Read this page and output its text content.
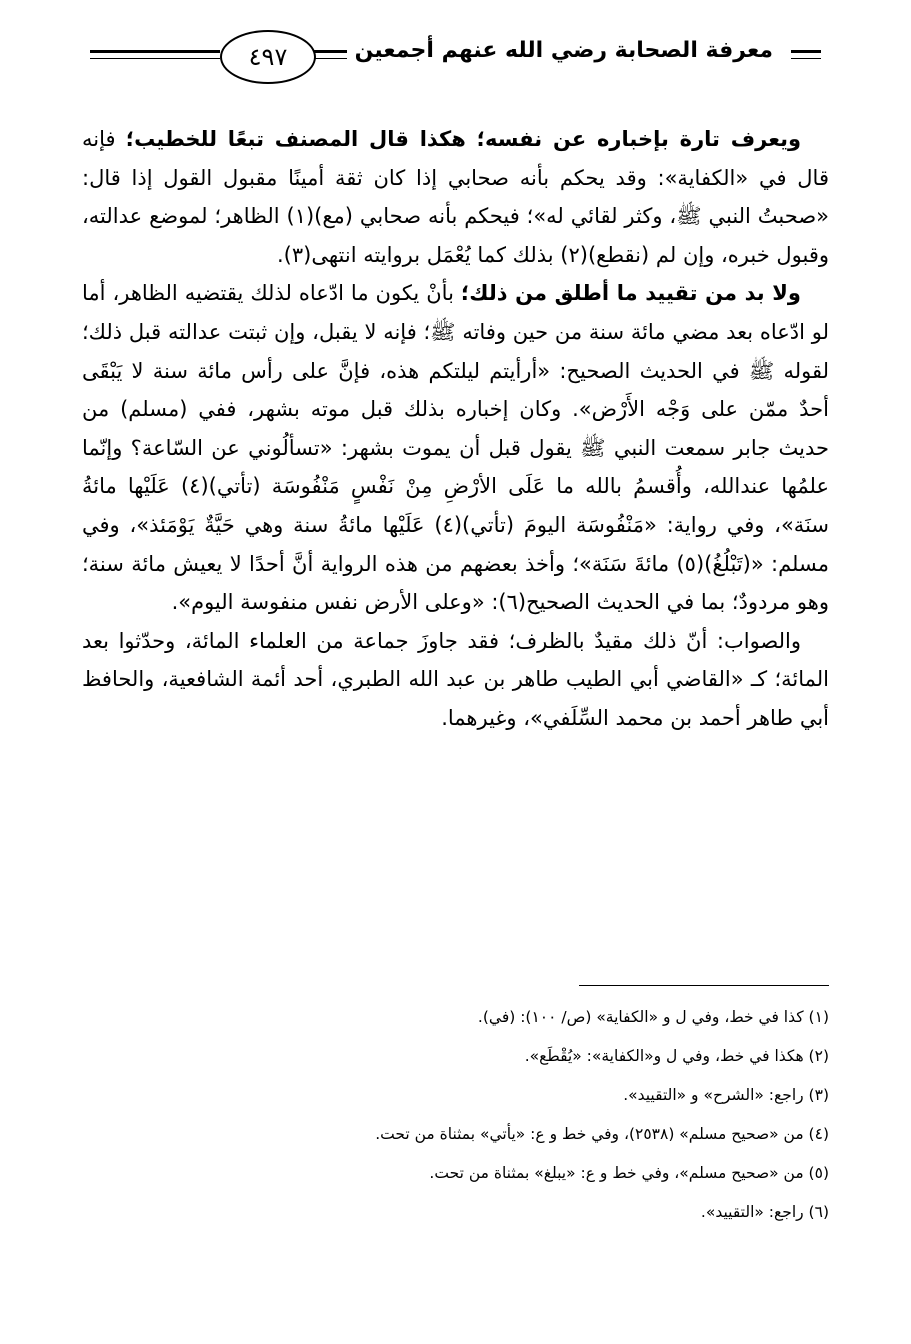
٤٩٧	معرفة الصحابة رضي الله عنهم أجمعين

ويعرف تارة بإخباره عن نفسه؛ هكذا قال المصنف تبعًا للخطيب؛ فإنه قال في «الكفاية»: وقد يحكم بأنه صحابي إذا كان ثقة أمينًا مقبول القول إذا قال: «صحبتُ النبي ﷺ، وكثر لقائي له»؛ فيحكم بأنه صحابي (مع)(١) الظاهر؛ لموضع عدالته، وقبول خبره، وإن لم (نقطع)(٢) بذلك كما يُعْمَل بروايته انتهى(٣).

ولا بد من تقييد ما أطلق من ذلك؛ بأنْ يكون ما ادّعاه لذلك يقتضيه الظاهر، أما لو ادّعاه بعد مضي مائة سنة من حين وفاته ﷺ؛ فإنه لا يقبل، وإن ثبتت عدالته قبل ذلك؛ لقوله ﷺ في الحديث الصحيح: «أرأيتم ليلتكم هذه، فإنَّ على رأس مائة سنة لا يَبْقَى أحدٌ ممّن على وَجْه الأَرْض». وكان إخباره بذلك قبل موته بشهر، ففي (مسلم) من حديث جابر سمعت النبي ﷺ يقول قبل أن يموت بشهر: «تسألُوني عن السّاعة؟ وإنّما علمُها عندالله، وأُقسمُ بالله ما عَلَى الأرْضِ مِنْ نَفْسٍ مَنْفُوسَة (تأتي)(٤) عَلَيْها مائةُ سنَة»، وفي رواية: «مَنْفُوسَة اليومَ (تأتي)(٤) عَلَيْها مائةُ سنة وهي حَيَّةٌ يَوْمَئذ»، وفي مسلم: «(تَبْلُغُ)(٥) مائةَ سَنَة»؛ وأخذ بعضهم من هذه الرواية أنَّ أحدًا لا يعيش مائة سنة؛ وهو مردودٌ؛ بما في الحديث الصحيح(٦): «وعلى الأرض نفس منفوسة اليوم».

والصواب: أنّ ذلك مقيدٌ بالظرف؛ فقد جاوزَ جماعة من العلماء المائة، وحدّثوا بعد المائة؛ كـ «القاضي أبي الطيب طاهر بن عبد الله الطبري، أحد أئمة الشافعية، والحافظ أبي طاهر أحمد بن محمد السِّلَفي»، وغيرهما.

(١) كذا في خط، وفي ل و «الكفاية» (ص/ ١٠٠): (في).

(٢) هكذا في خط، وفي ل و«الكفاية»: «يُقْطَع».

(٣) راجع: «الشرح» و «التقييد».

(٤) من «صحيح مسلم» (٢٥٣٨)، وفي خط و ع: «يأتي» بمثناة من تحت.

(٥) من «صحيح مسلم»، وفي خط و ع: «يبلغ» بمثناة من تحت.

(٦) راجع: «التقييد».
